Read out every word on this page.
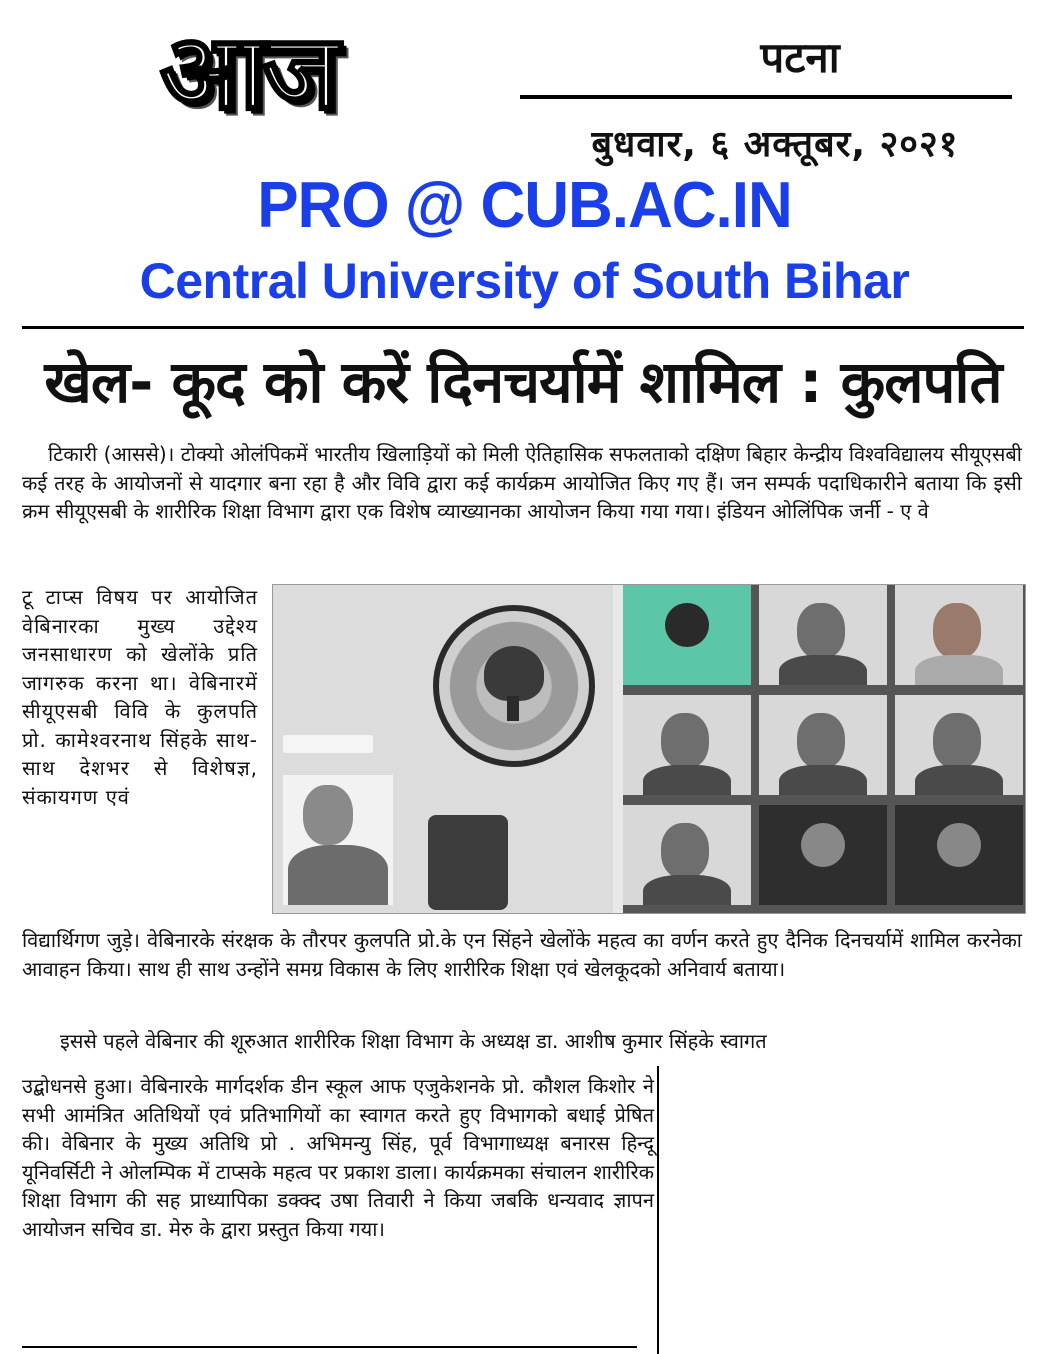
आज	पटना
बुधवार, ६ अक्तूबर, २०२१
PRO @ CUB.AC.IN
Central University of South Bihar
खेल- कूद को करें दिनचर्यामें शामिल : कुलपति
टिकारी (आससे)। टोक्यो ओलंपिकमें भारतीय खिलाड़ियों को मिली ऐतिहासिक सफलताको दक्षिण बिहार केन्द्रीय विश्वविद्यालय सीयूएसबी कई तरह के आयोजनों से यादगार बना रहा है और विवि द्वारा कई कार्यक्रम आयोजित किए गए हैं। जन सम्पर्क पदाधिकारीने बताया कि इसी क्रम सीयूएसबी के शारीरिक शिक्षा विभाग द्वारा एक विशेष व्याख्यानका आयोजन किया गया गया। इंडियन ओलिंपिक जर्नी - ए वे
टू टाप्स विषय पर आयोजित वेबिनारका मुख्य उद्देश्य जनसाधारण को खेलोंके प्रति जागरुक करना था। वेबिनारमें सीयूएसबी विवि के कुलपति प्रो. कामेश्वरनाथ सिंहके साथ- साथ देशभर से विशेषज्ञ, संकायगण एवं
विद्यार्थिगण जुड़े। वेबिनारके संरक्षक के तौरपर कुलपति प्रो.के एन सिंहने खेलोंके महत्व का वर्णन करते हुए दैनिक दिनचर्यामें शामिल करनेका आवाहन किया। साथ ही साथ उन्होंने समग्र विकास के लिए शारीरिक शिक्षा एवं खेलकूदको अनिवार्य बताया।
इससे पहले वेबिनार की शूरुआत शारीरिक शिक्षा विभाग के अध्यक्ष डा. आशीष कुमार सिंहके स्वागत
उद्बोधनसे हुआ। वेबिनारके मार्गदर्शक डीन स्कूल आफ एजुकेशनके प्रो. कौशल किशोर ने सभी आमंत्रित अतिथियों एवं प्रतिभागियों का स्वागत करते हुए विभागको बधाई प्रेषित की। वेबिनार के मुख्य अतिथि प्रो . अभिमन्यु सिंह, पूर्व विभागाध्यक्ष बनारस हिन्दू यूनिवर्सिटी ने ओलम्पिक में टाप्सके महत्व पर प्रकाश डाला। कार्यक्रमका संचालन शारीरिक शिक्षा विभाग की सह प्राध्यापिका डक्क्द उषा तिवारी ने किया जबकि धन्यवाद ज्ञापन आयोजन सचिव डा. मेरु के द्वारा प्रस्तुत किया गया।
